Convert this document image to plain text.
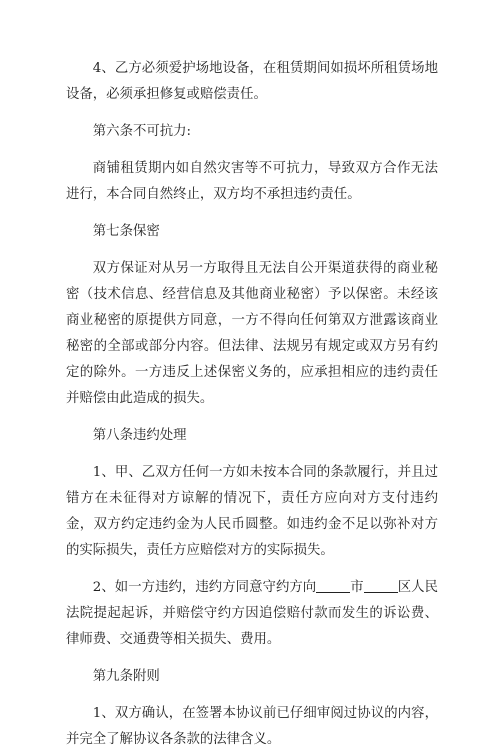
4、乙方必须爱护场地设备，在租赁期间如损坏所租赁场地设备，必须承担修复或赔偿责任。

第六条不可抗力:

商铺租赁期内如自然灾害等不可抗力，导致双方合作无法进行，本合同自然终止，双方均不承担违约责任。

第七条保密

双方保证对从另一方取得且无法自公开渠道获得的商业秘密（技术信息、经营信息及其他商业秘密）予以保密。未经该商业秘密的原提供方同意，一方不得向任何第双方泄露该商业秘密的全部或部分内容。但法律、法规另有规定或双方另有约定的除外。一方违反上述保密义务的，应承担相应的违约责任并赔偿由此造成的损失。

第八条违约处理

1、甲、乙双方任何一方如未按本合同的条款履行，并且过错方在未征得对方谅解的情况下，责任方应向对方支付违约金，双方约定违约金为人民币圆整。如违约金不足以弥补对方的实际损失，责任方应赔偿对方的实际损失。

2、如一方违约，违约方同意守约方向	市	区人民法院提起起诉，并赔偿守约方因追偿赔付款而发生的诉讼费、律师费、交通费等相关损失、费用。

第九条附则

1、双方确认，在签署本协议前已仔细审阅过协议的内容，并完全了解协议各条款的法律含义。
